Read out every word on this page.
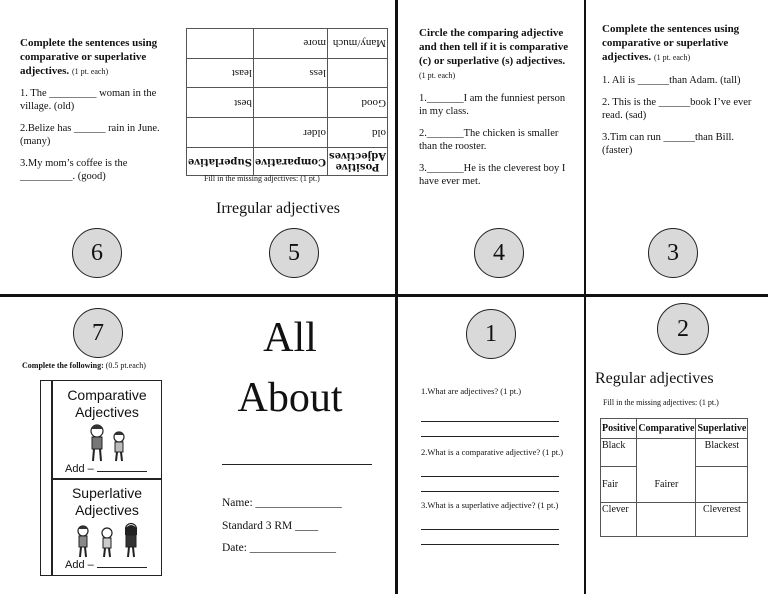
Complete the sentences using comparative or superlative adjectives. (1 pt. each)
1. The _________ woman in the village. (old)
2.Belize has ______ rain in June. (many)
3.My mom’s coffee is the __________. (good)
6
Positive Adjectives	Comparative	Superlative
old	older	
Good		best
	less	least
Many/much	more	
Fill in the missing adjectives: (1 pt.)
Irregular adjectives
5
Circle the comparing adjective and then tell if it is comparative (c) or superlative (s) adjectives. (1 pt. each)
1._______I am the funniest person in my class.
2._______The chicken is smaller than the rooster.
3._______He is the cleverest boy I have ever met.
4
Complete the sentences using comparative or superlative adjectives. (1 pt. each)
1. Ali is ______than Adam. (tall)
2. This is the ______book I’ve ever read. (sad)
3.Tim can run ______than Bill. (faster)
3
7
Complete the following: (0.5 pt.each)
Comparative Adjectives
Add –
Superlative Adjectives
Add –
All
About
Name: _______________
Standard 3 RM ____
Date: _______________
1
1.What are adjectives? (1 pt.)
2.What is a comparative adjective? (1 pt.)
3.What is a superlative adjective? (1 pt.)
2
Regular adjectives
Fill in the missing adjectives: (1 pt.)
Positive	Comparative	Superlative
Black		Blackest
Fair	Fairer	
Clever		Cleverest
